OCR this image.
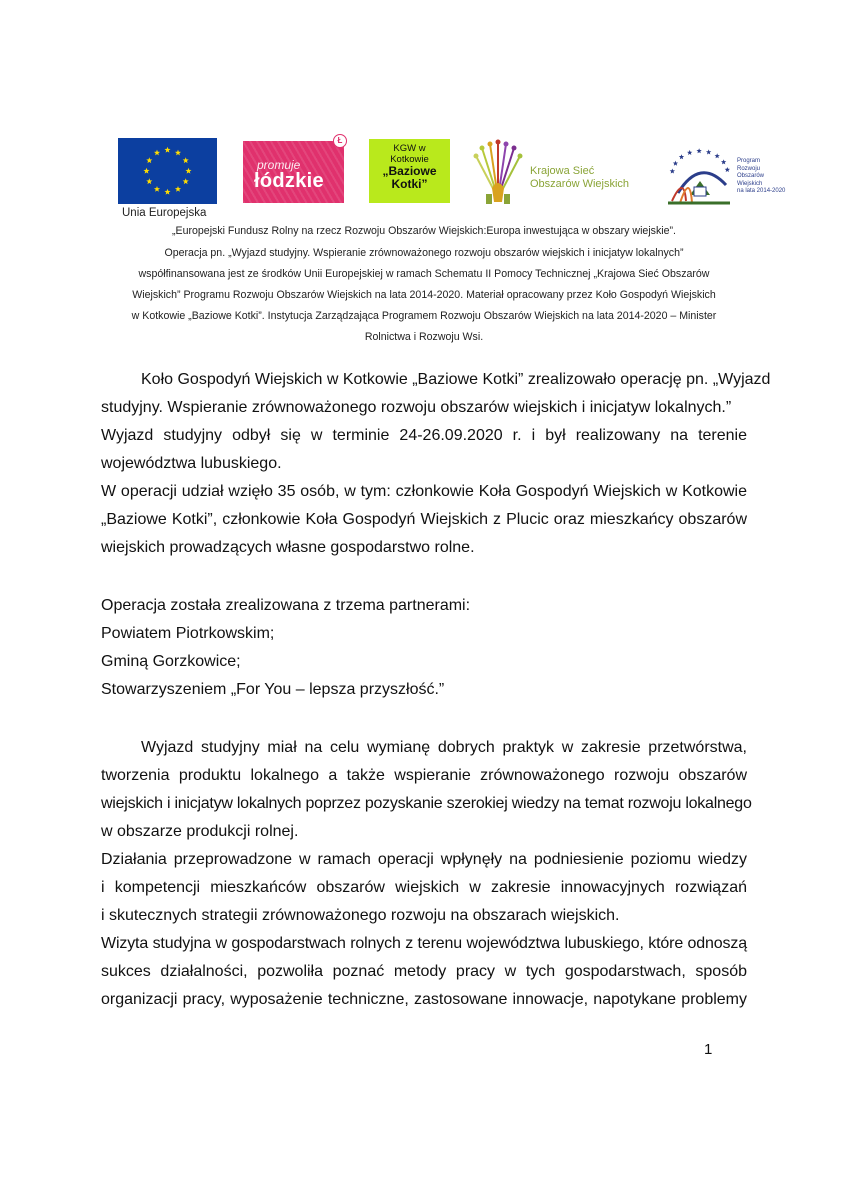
Unia Europejska
promuje
łódzkie
Ł
KGW w
Kotkowie
„Baziowe
Kotki”
Krajowa Sieć
Obszarów Wiejskich
Program
Rozwoju
Obszarów
Wiejskich
na lata 2014-2020
„Europejski Fundusz Rolny na rzecz Rozwoju Obszarów Wiejskich:Europa inwestująca w obszary wiejskie”.
Operacja pn. „Wyjazd studyjny. Wspieranie zrównoważonego rozwoju obszarów wiejskich i inicjatyw lokalnych”
współfinansowana jest ze środków Unii Europejskiej w ramach Schematu II Pomocy Technicznej „Krajowa Sieć Obszarów
Wiejskich” Programu Rozwoju Obszarów Wiejskich na lata 2014-2020. Materiał opracowany przez Koło Gospodyń Wiejskich
w Kotkowie „Baziowe Kotki”. Instytucja Zarządzająca Programem Rozwoju Obszarów Wiejskich na lata 2014-2020 – Minister
Rolnictwa i Rozwoju Wsi.
Koło Gospodyń Wiejskich w Kotkowie „Baziowe Kotki” zrealizowało operację pn. „Wyjazd
studyjny. Wspieranie zrównoważonego rozwoju obszarów wiejskich i inicjatyw lokalnych.”
Wyjazd studyjny odbył się w terminie 24-26.09.2020 r. i był realizowany na terenie
województwa lubuskiego.
W operacji udział wzięło 35 osób, w tym: członkowie Koła Gospodyń Wiejskich w Kotkowie
„Baziowe Kotki”, członkowie Koła Gospodyń Wiejskich z Plucic oraz mieszkańcy obszarów
wiejskich prowadzących własne gospodarstwo rolne.
Operacja została zrealizowana z trzema partnerami:
Powiatem Piotrkowskim;
Gminą Gorzkowice;
Stowarzyszeniem „For You – lepsza przyszłość.”
Wyjazd studyjny miał na celu wymianę dobrych praktyk w zakresie przetwórstwa,
tworzenia produktu lokalnego a także wspieranie zrównoważonego rozwoju obszarów
wiejskich i inicjatyw lokalnych poprzez pozyskanie szerokiej wiedzy na temat rozwoju lokalnego
w obszarze produkcji rolnej.
Działania przeprowadzone w ramach operacji wpłynęły na podniesienie poziomu wiedzy
i kompetencji mieszkańców obszarów wiejskich w zakresie innowacyjnych rozwiązań
i skutecznych strategii zrównoważonego rozwoju na obszarach wiejskich.
Wizyta studyjna w gospodarstwach rolnych z terenu województwa lubuskiego, które odnoszą
sukces działalności, pozwoliła poznać metody pracy w tych gospodarstwach, sposób
organizacji pracy, wyposażenie techniczne, zastosowane innowacje, napotykane problemy
1
